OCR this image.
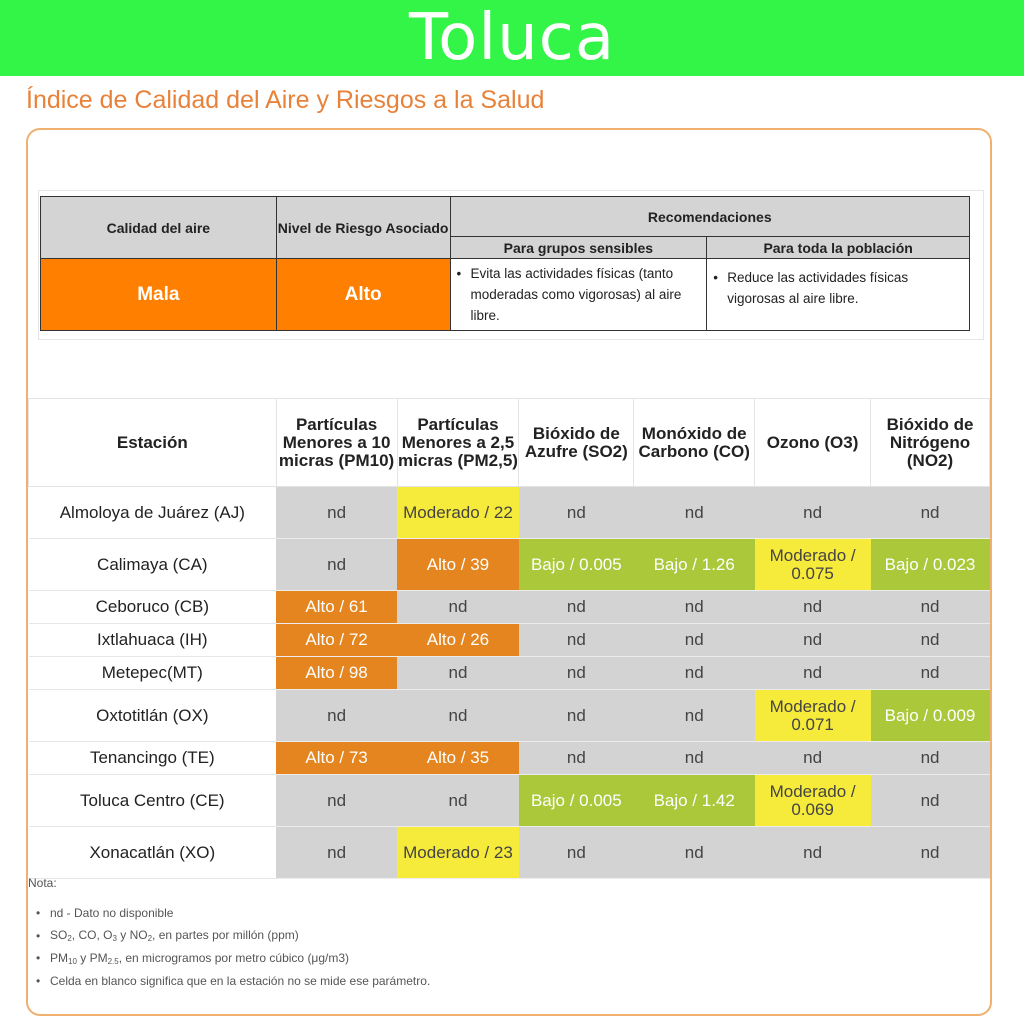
Toluca
Índice de Calidad del Aire y Riesgos a la Salud
Calidad del aire	Nivel de Riesgo Asociado	Recomendaciones	
		Para grupos sensibles	Para toda la población
Mala	Alto	• Evita las actividades físicas (tanto moderadas como vigorosas) al aire libre.	• Reduce las actividades físicas vigorosas al aire libre.
Estación	Partículas Menores a 10 micras (PM10)	Partículas Menores a 2,5 micras (PM2,5)	Bióxido de Azufre (SO2)	Monóxido de Carbono (CO)	Ozono (O3)	Bióxido de Nitrógeno (NO2)
Almoloya de Juárez (AJ)	nd	Moderado / 22	nd	nd	nd	nd
Calimaya (CA)	nd	Alto / 39	Bajo / 0.005	Bajo / 1.26	Moderado / 0.075	Bajo / 0.023
Ceboruco (CB)	Alto / 61	nd	nd	nd	nd	nd
Ixtlahuaca (IH)	Alto / 72	Alto / 26	nd	nd	nd	nd
Metepec(MT)	Alto / 98	nd	nd	nd	nd	nd
Oxtotitlán (OX)	nd	nd	nd	nd	Moderado / 0.071	Bajo / 0.009
Tenancingo (TE)	Alto / 73	Alto / 35	nd	nd	nd	nd
Toluca Centro (CE)	nd	nd	Bajo / 0.005	Bajo / 1.42	Moderado / 0.069	nd
Xonacatlán (XO)	nd	Moderado / 23	nd	nd	nd	nd
Nota:
• nd - Dato no disponible
• $SO_2$, CO, $O_3$ y $NO_2$, en partes por millón (ppm)
• $PM_{10}$ y $PM_{2.5}$, en microgramos por metro cúbico (μg/m3)
• Celda en blanco significa que en la estación no se mide ese parámetro.
